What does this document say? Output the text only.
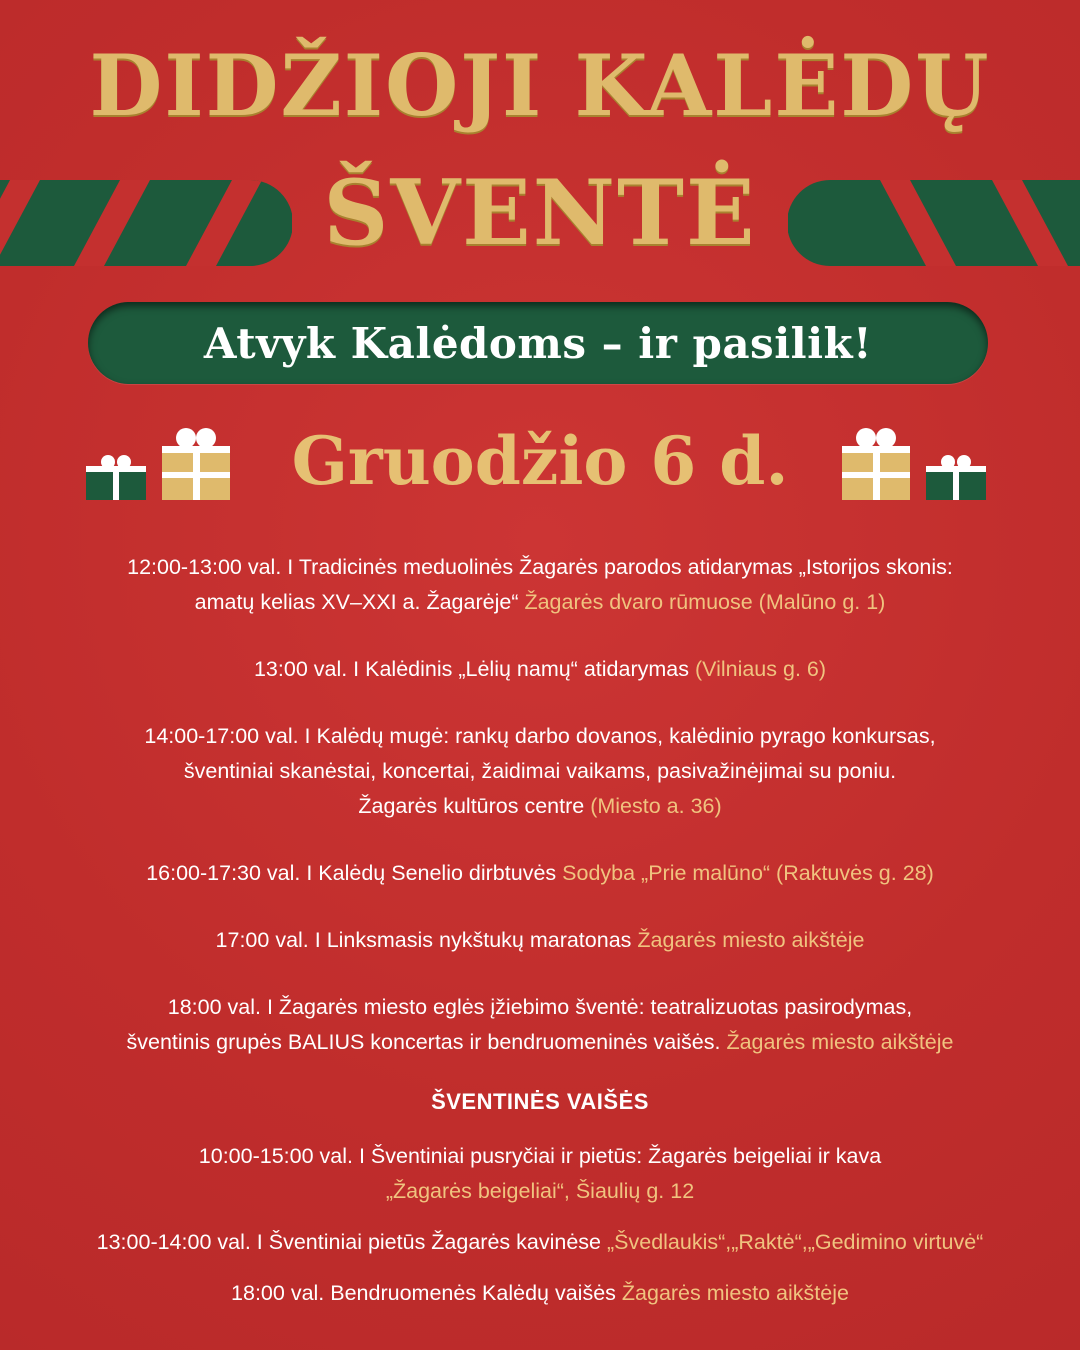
DIDŽIOJI KALĖDŲ
ŠVENTĖ
Atvyk Kalėdoms – ir pasilik!
Gruodžio 6 d.

12:00-13:00 val. I Tradicinės meduolinės Žagarės parodos atidarymas „Istorijos skonis:
amatų kelias XV–XXI a. Žagarėje“ Žagarės dvaro rūmuose (Malūno g. 1)

13:00 val. I Kalėdinis „Lėlių namų“ atidarymas (Vilniaus g. 6)

14:00-17:00 val. I Kalėdų mugė: rankų darbo dovanos, kalėdinio pyrago konkursas,
šventiniai skanėstai, koncertai, žaidimai vaikams, pasivažinėjimai su poniu.
Žagarės kultūros centre (Miesto a. 36)

16:00-17:30 val. I Kalėdų Senelio dirbtuvės Sodyba „Prie malūno“ (Raktuvės g. 28)

17:00 val. I Linksmasis nykštukų maratonas Žagarės miesto aikštėje

18:00 val. I Žagarės miesto eglės įžiebimo šventė: teatralizuotas pasirodymas,
šventinis grupės BALIUS koncertas ir bendruomeninės vaišės. Žagarės miesto aikštėje

ŠVENTINĖS VAIŠĖS

10:00-15:00 val. I Šventiniai pusryčiai ir pietūs: Žagarės beigeliai ir kava
„Žagarės beigeliai“, Šiaulių g. 12

13:00-14:00 val. I Šventiniai pietūs Žagarės kavinėse „Švedlaukis“,„Raktė“,„Gedimino virtuvė“

18:00 val. Bendruomenės Kalėdų vaišės Žagarės miesto aikštėje
